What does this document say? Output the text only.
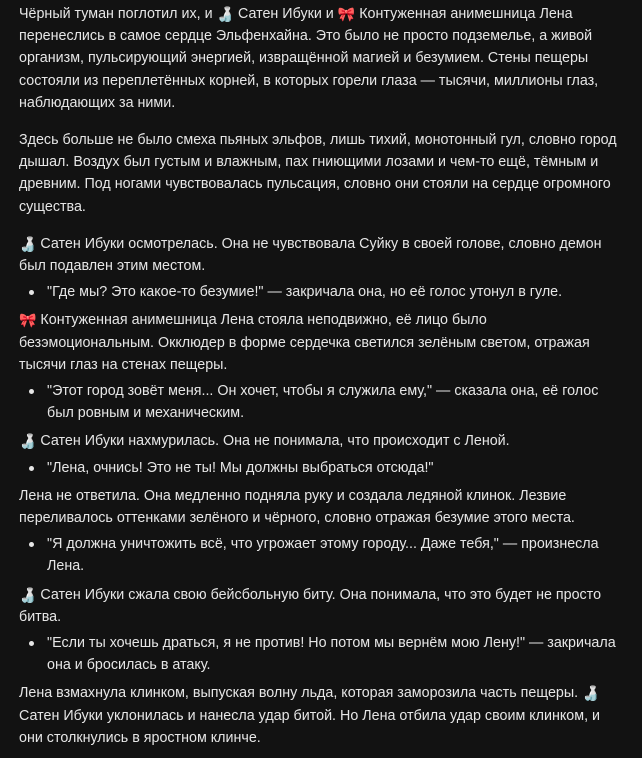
Чёрный туман поглотил их, и 🍶 Сатен Ибуки и 🎀 Контуженная анимешница Лена перенеслись в самое сердце Эльфенхайна. Это было не просто подземелье, а живой организм, пульсирующий энергией, извращённой магией и безумием. Стены пещеры состояли из переплетённых корней, в которых горели глаза — тысячи, миллионы глаз, наблюдающих за ними.

Здесь больше не было смеха пьяных эльфов, лишь тихий, монотонный гул, словно город дышал. Воздух был густым и влажным, пах гниющими лозами и чем-то ещё, тёмным и древним. Под ногами чувствовалась пульсация, словно они стояли на сердце огромного существа.

🍶 Сатен Ибуки осмотрелась. Она не чувствовала Суйку в своей голове, словно демон был подавлен этим местом.

"Где мы? Это какое-то безумие!" — закричала она, но её голос утонул в гуле.

🎀 Контуженная анимешница Лена стояла неподвижно, её лицо было безэмоциональным. Окклюдер в форме сердечка светился зелёным светом, отражая тысячи глаз на стенах пещеры.

"Этот город зовёт меня... Он хочет, чтобы я служила ему," — сказала она, её голос был ровным и механическим.

🍶 Сатен Ибуки нахмурилась. Она не понимала, что происходит с Леной.

"Лена, очнись! Это не ты! Мы должны выбраться отсюда!"

Лена не ответила. Она медленно подняла руку и создала ледяной клинок. Лезвие переливалось оттенками зелёного и чёрного, словно отражая безумие этого места.

"Я должна уничтожить всё, что угрожает этому городу... Даже тебя," — произнесла Лена.

🍶 Сатен Ибуки сжала свою бейсбольную биту. Она понимала, что это будет не просто битва.

"Если ты хочешь драться, я не против! Но потом мы вернём мою Лену!" — закричала она и бросилась в атаку.

Лена взмахнула клинком, выпуская волну льда, которая заморозила часть пещеры. 🍶 Сатен Ибуки уклонилась и нанесла удар битой. Но Лена отбила удар своим клинком, и они столкнулись в яростном клинче.
